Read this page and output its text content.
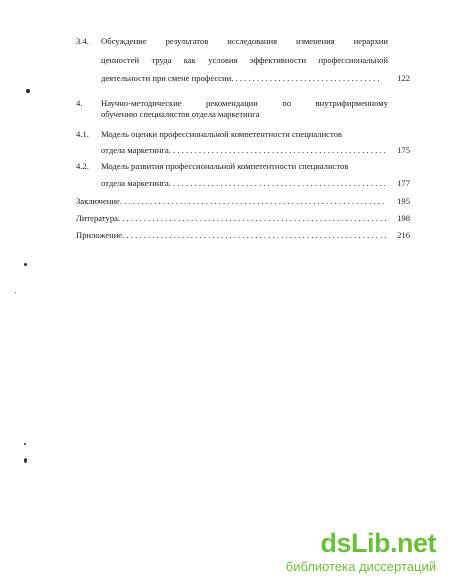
3.4. Обсуждение результатов исследования изменения иерархии
ценностей труда как условия эффективности профессиональной
деятельности при смене профессии . . .	122
4. Научно-методические	рекомендации	по	внутрифирменному
обучению специалистов отдела маркетинга
4.1. Модель оценки профессиональной компетентности специалистов
отдела маркетинга . . .	175
4.2. Модель развития профессиональной компетентности специалистов
отдела маркетинга . . .	177
Заключение . . .	195
Литература . . .	198
Приложение . . .	216
dsLib.net
библиотека диссертаций
